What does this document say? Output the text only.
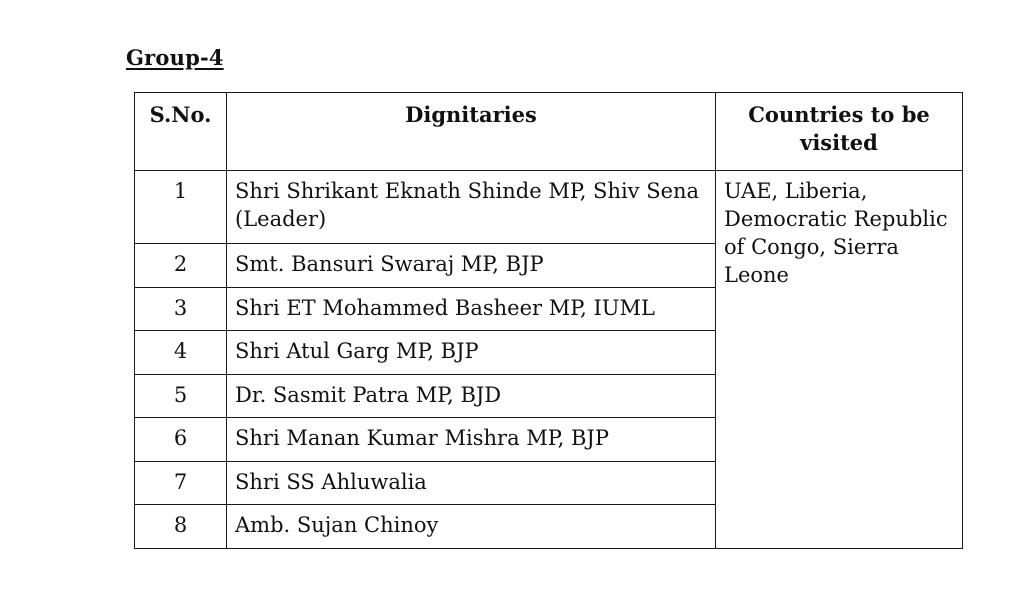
Group-4
S.No.	Dignitaries	Countries to be visited
1	Shri Shrikant Eknath Shinde MP, Shiv Sena (Leader)	UAE, Liberia, Democratic Republic of Congo, Sierra Leone
2	Smt. Bansuri Swaraj MP, BJP	
3	Shri ET Mohammed Basheer MP, IUML	
4	Shri Atul Garg MP, BJP	
5	Dr. Sasmit Patra MP, BJD	
6	Shri Manan Kumar Mishra MP, BJP	
7	Shri SS Ahluwalia	
8	Amb. Sujan Chinoy	
